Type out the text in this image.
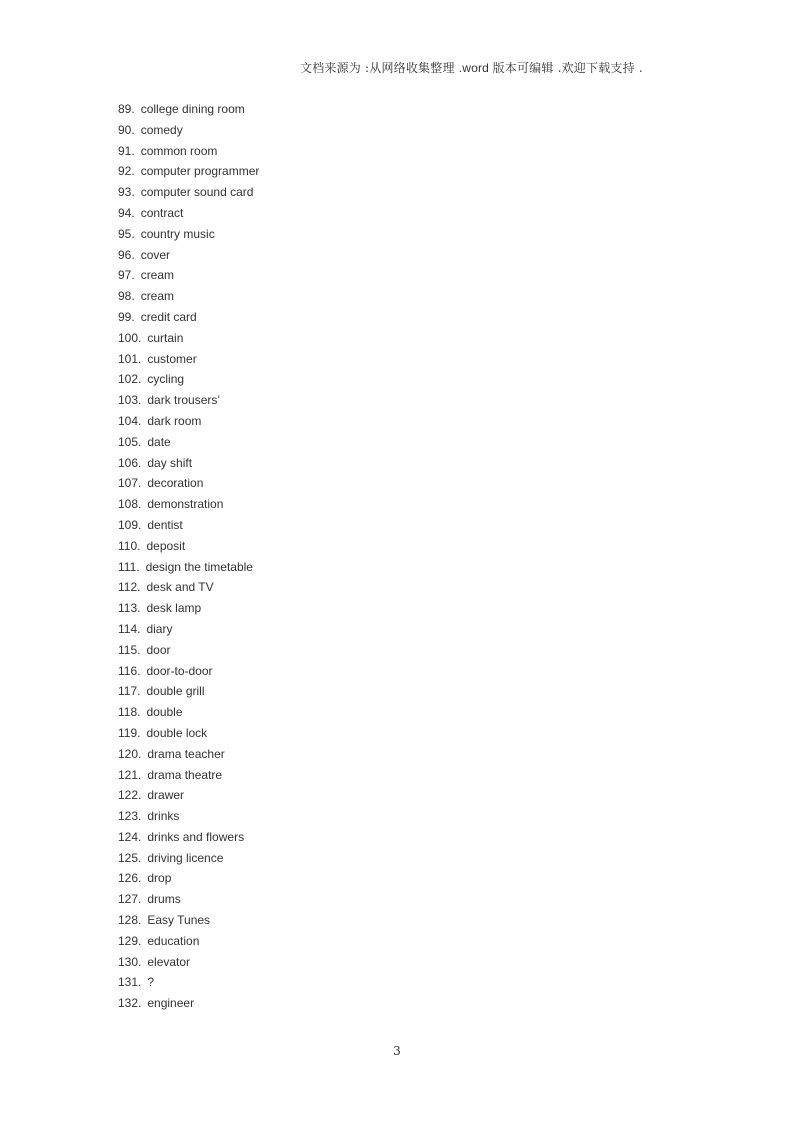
文档来源为 :从网络收集整理 .word 版本可编辑 .欢迎下载支持 .
89. college dining room
90. comedy
91. common room
92. computer programmer
93. computer sound card
94. contract
95. country music
96. cover
97. cream
98. cream
99. credit card
100. curtain
101. customer
102. cycling
103. dark trousers’
104. dark room
105. date
106. day shift
107. decoration
108. demonstration
109. dentist
110. deposit
111. design the timetable
112. desk and TV
113. desk lamp
114. diary
115. door
116. door-to-door
117. double grill
118. double
119. double lock
120. drama teacher
121. drama theatre
122. drawer
123. drinks
124. drinks and flowers
125. driving licence
126. drop
127. drums
128. Easy Tunes
129. education
130. elevator
131. ?
132. engineer
3
